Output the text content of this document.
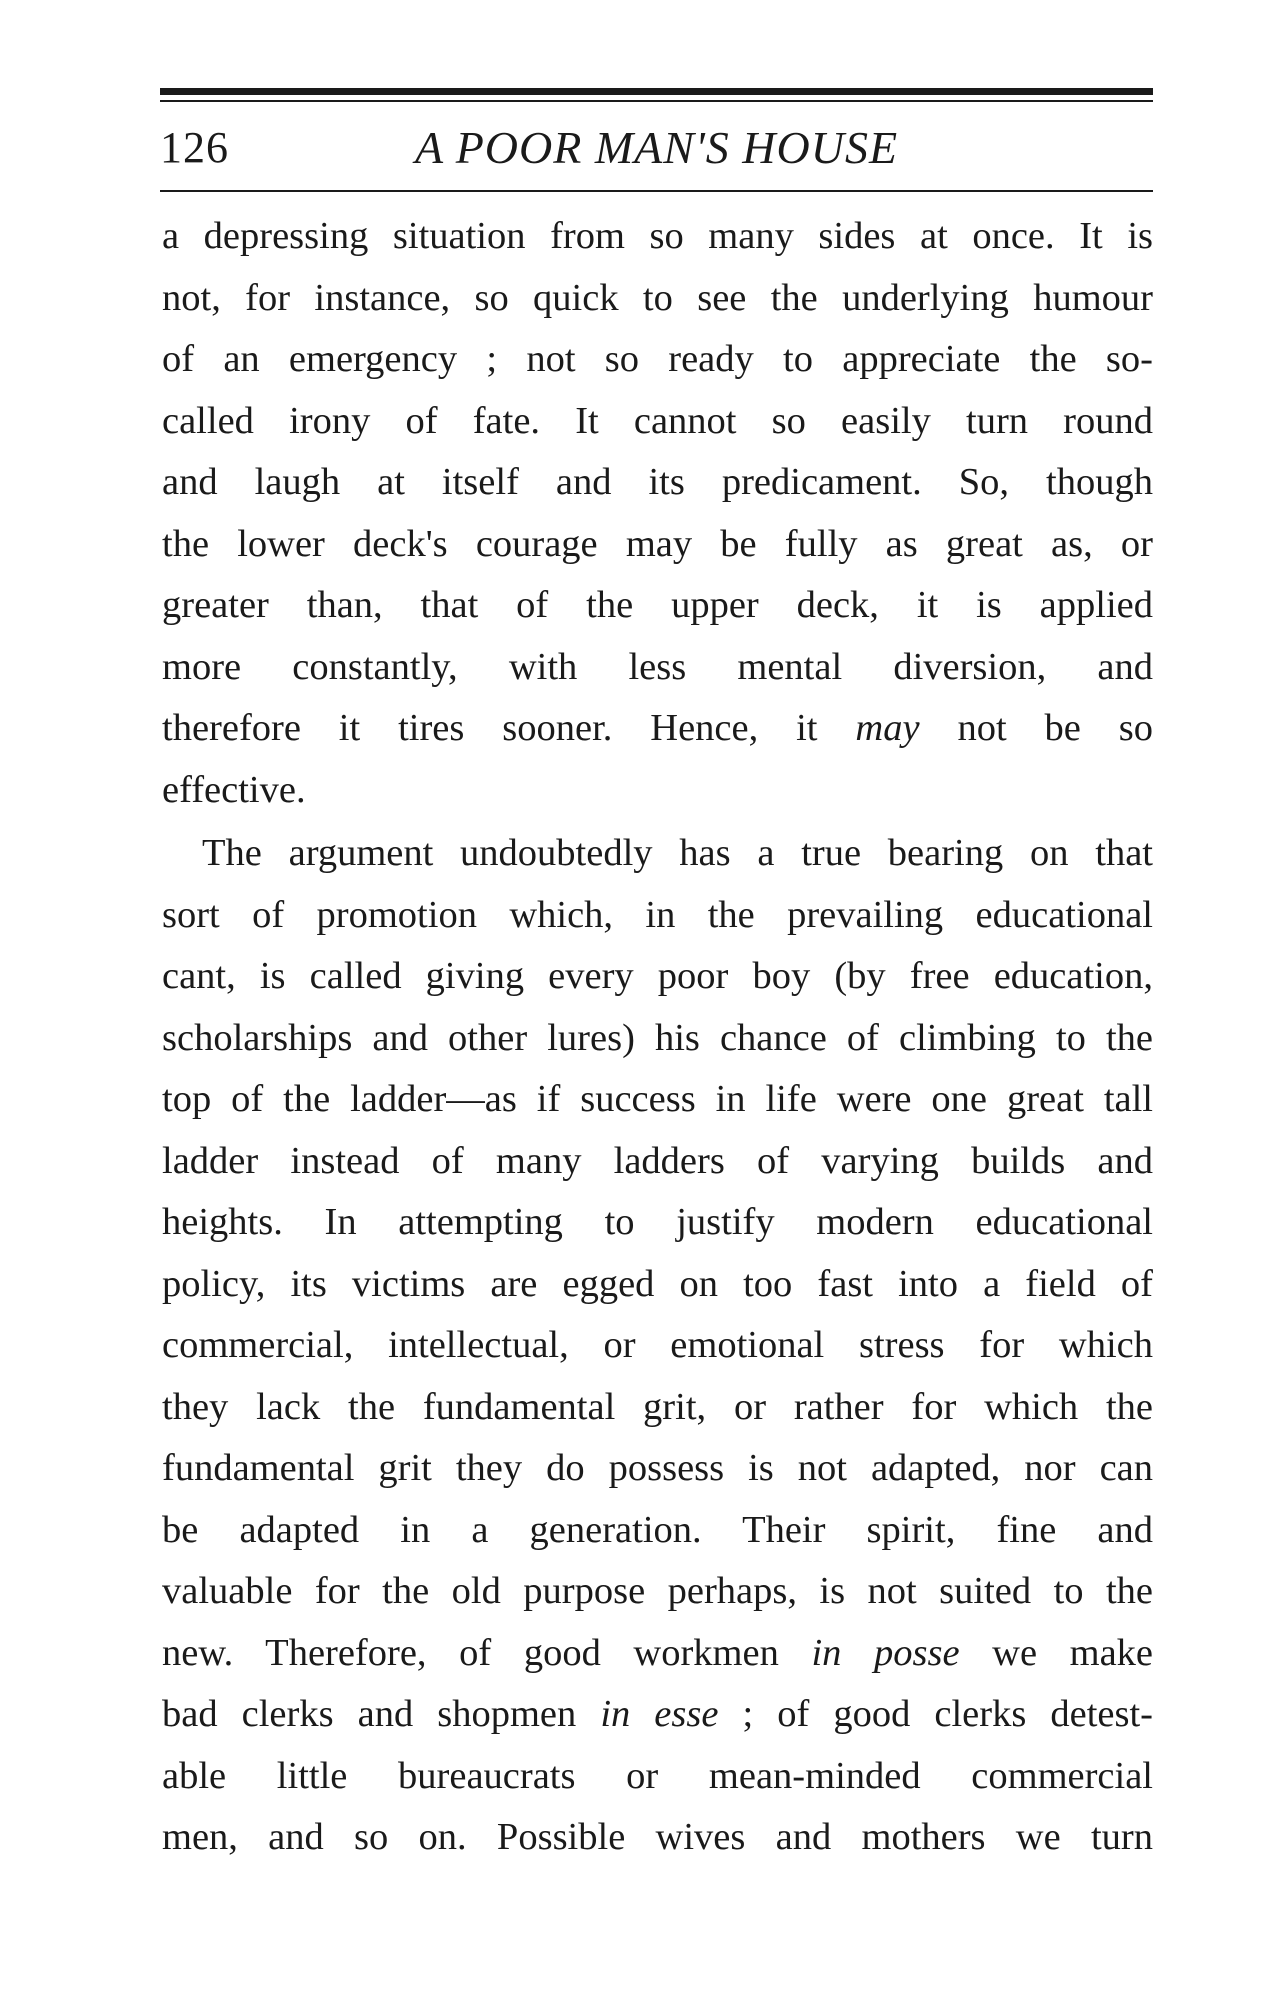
126	A POOR MAN'S HOUSE
a depressing situation from so many sides at once. It is
not, for instance, so quick to see the underlying humour
of an emergency ; not so ready to appreciate the so-
called irony of fate. It cannot so easily turn round
and laugh at itself and its predicament. So, though
the lower deck's courage may be fully as great as, or
greater than, that of the upper deck, it is applied
more constantly, with less mental diversion, and
therefore it tires sooner. Hence, it may not be so
effective.
The argument undoubtedly has a true bearing on that
sort of promotion which, in the prevailing educational
cant, is called giving every poor boy (by free education,
scholarships and other lures) his chance of climbing to the
top of the ladder—as if success in life were one great tall
ladder instead of many ladders of varying builds and
heights. In attempting to justify modern educational
policy, its victims are egged on too fast into a field of
commercial, intellectual, or emotional stress for which
they lack the fundamental grit, or rather for which the
fundamental grit they do possess is not adapted, nor can
be adapted in a generation. Their spirit, fine and
valuable for the old purpose perhaps, is not suited to the
new. Therefore, of good workmen in posse we make
bad clerks and shopmen in esse ; of good clerks detest-
able little bureaucrats or mean-minded commercial
men, and so on. Possible wives and mothers we turn
